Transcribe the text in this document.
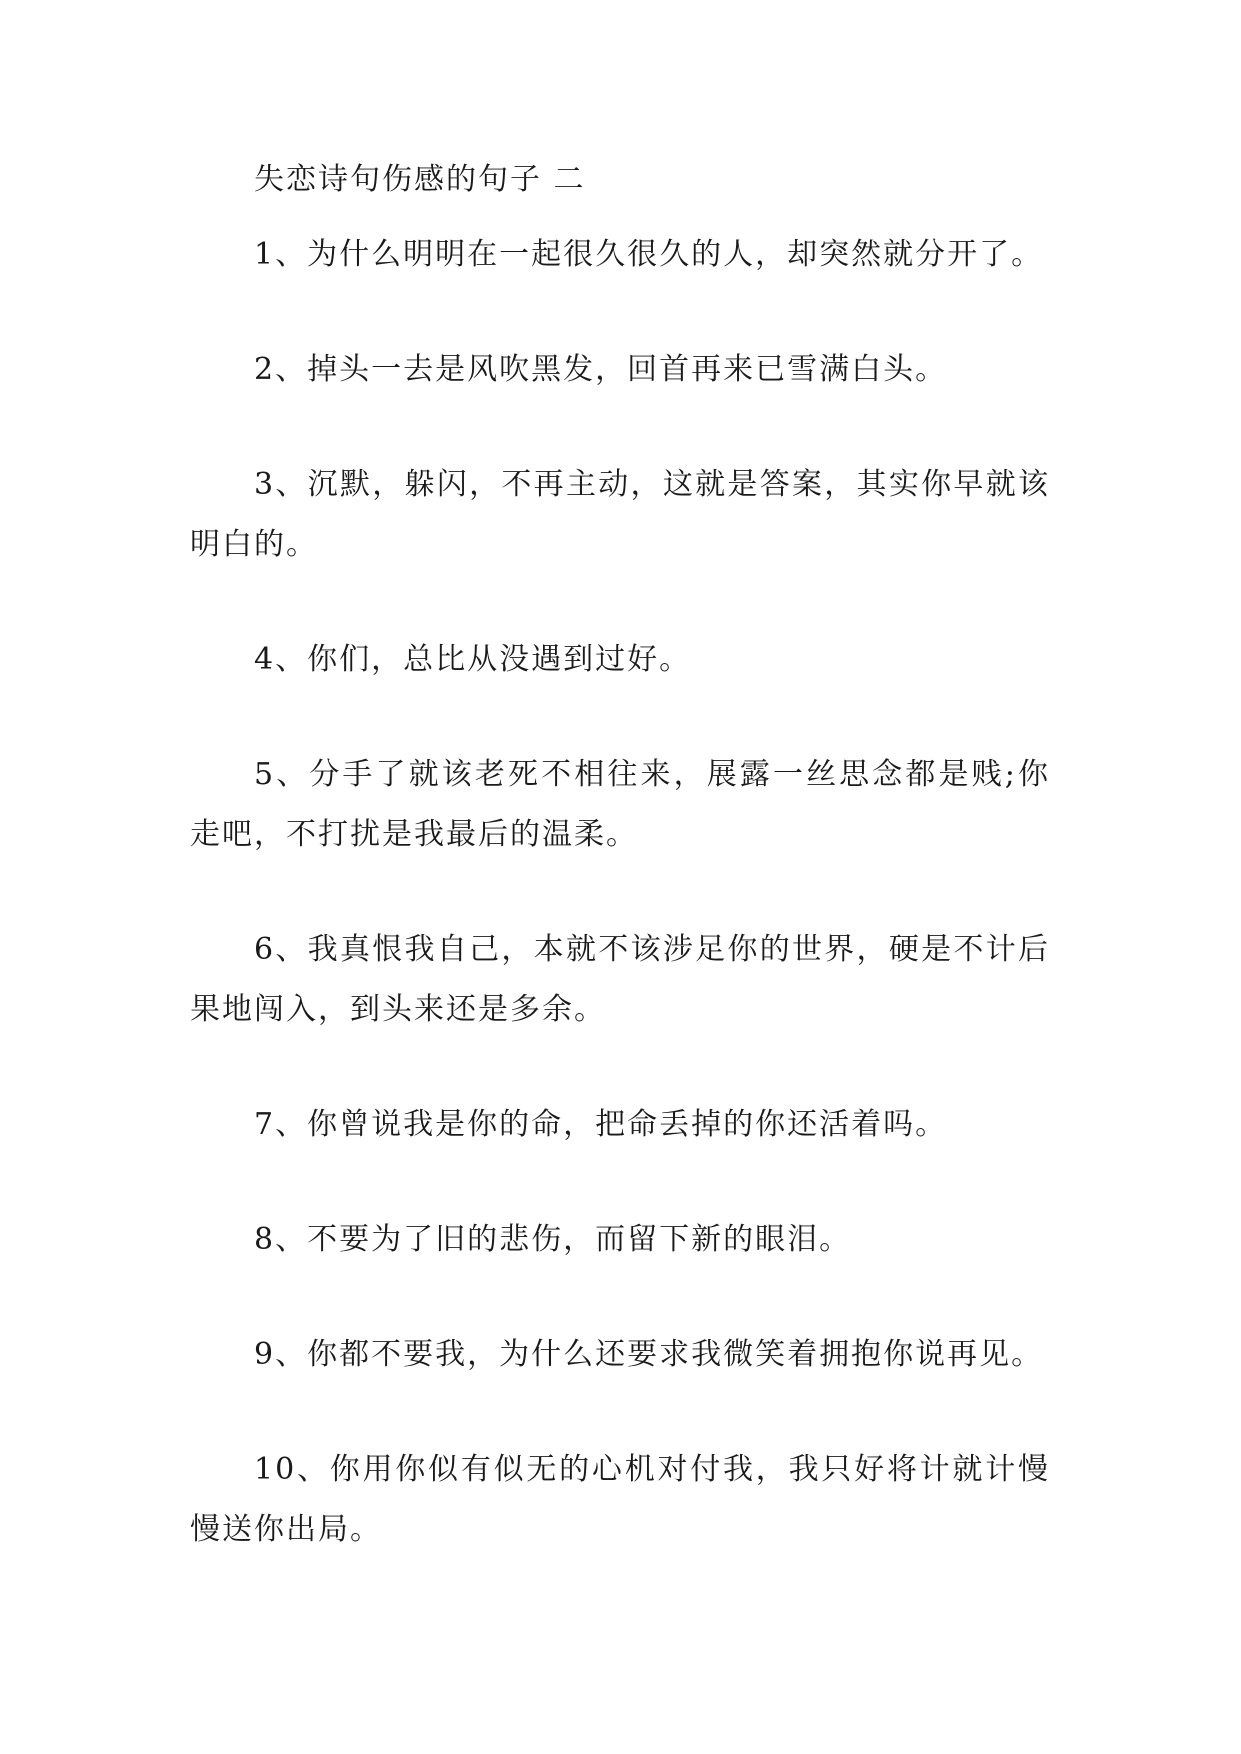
失恋诗句伤感的句子 二

1、为什么明明在一起很久很久的人，却突然就分开了。

2、掉头一去是风吹黑发，回首再来已雪满白头。

3、沉默，躲闪，不再主动，这就是答案，其实你早就该明白的。

4、你们，总比从没遇到过好。

5、分手了就该老死不相往来，展露一丝思念都是贱;你走吧，不打扰是我最后的温柔。

6、我真恨我自己，本就不该涉足你的世界，硬是不计后果地闯入，到头来还是多余。

7、你曾说我是你的命，把命丢掉的你还活着吗。

8、不要为了旧的悲伤，而留下新的眼泪。

9、你都不要我，为什么还要求我微笑着拥抱你说再见。

10、你用你似有似无的心机对付我，我只好将计就计慢慢送你出局。
